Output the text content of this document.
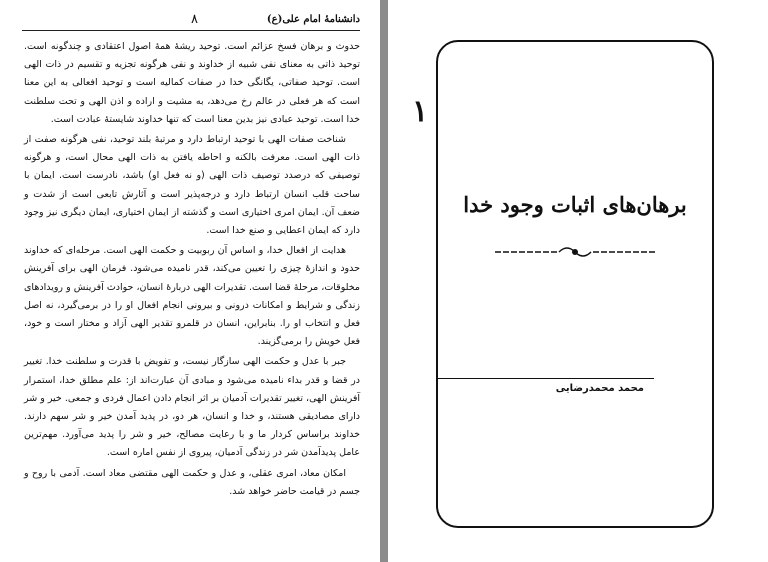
دانشنامهٔ امام علی(ع)
۸

حدوث و برهان فسخ عزائم است. توحید ریشهٔ همهٔ اصول اعتقادی و چندگونه است. توحید ذاتی به معنای نفی شبیه از خداوند و نفی هرگونه تجزیه و تقسیم در ذات الهی است. توحید صفاتی، یگانگی خدا در صفات کمالیه است و توحید افعالی به این معنا است که هر فعلی در عالم رخ می‌دهد، به مشیت و اراده و اذن الهی و تحت سلطنت خدا است. توحید عبادی نیز بدین معنا است که تنها خداوند شایستهٔ عبادت است.

شناخت صفات الهی با توحید ارتباط دارد و مرتبهٔ بلند توحید، نفی هرگونه صفت از ذات الهی است. معرفت بالکنه و احاطه یافتن به ذات الهی محال است، و هرگونه توصیفی که درصدد توصیف ذات الهی (و نه فعل او) باشد، نادرست است. ایمان با ساحت قلب انسان ارتباط دارد و درجه‌پذیر است و آثارش تابعی است از شدت و ضعف آن. ایمان امری اختیاری است و گذشته از ایمان اختیاری، ایمان دیگری نیز وجود دارد که ایمان اعطایی و صنع خدا است.

هدایت از افعال خدا، و اساس آن ربوبیت و حکمت الهی است. مرحله‌ای که خداوند حدود و اندازهٔ چیزی را تعیین می‌کند، قدر نامیده می‌شود. فرمان الهی برای آفرینش مخلوقات، مرحلهٔ قضا است. تقدیرات الهی دربارهٔ انسان، حوادث آفرینش و رویدادهای زندگی و شرایط و امکانات درونی و بیرونی انجام افعال او را در برمی‌گیرد، نه اصل فعل و انتخاب او را. بنابراین، انسان در قلمرو تقدیر الهی آزاد و مختار است و خود، فعل خویش را برمی‌گزیند.

جبر با عدل و حکمت الهی سازگار نیست، و تفویض با قدرت و سلطنت خدا. تغییر در قضا و قدر بداء نامیده می‌شود و مبادی آن عبارت‌اند از: علم مطلق خدا، استمرار آفرینش الهی، تغییر تقدیرات آدمیان بر اثر انجام دادن اعمال فردی و جمعی. خیر و شر دارای مصادیقی هستند، و خدا و انسان، هر دو، در پدید آمدن خیر و شر سهم دارند. خداوند براساس کردار ما و با رعایت مصالح، خیر و شر را پدید می‌آورد. مهم‌ترین عامل پدیدآمدن شر در زندگی آدمیان، پیروی از نفس اماره است.

امکان معاد، امری عقلی، و عدل و حکمت الهی مقتضی معاد است. آدمی با روح و جسم در قیامت حاضر خواهد شد.

۱
برهان‌های اثبات وجود خدا
محمد محمدرضایی
